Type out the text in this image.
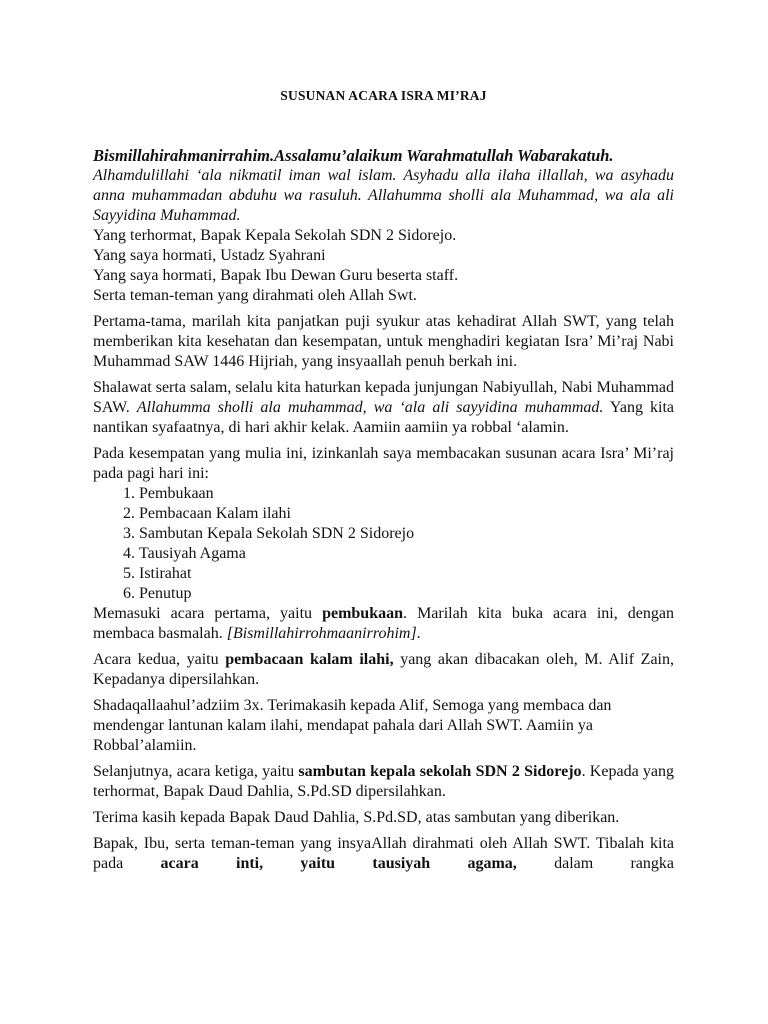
SUSUNAN ACARA ISRA MI’RAJ

Bismillahirahmanirrahim.Assalamu’alaikum Warahmatullah Wabarakatuh.

Alhamdulillahi ‘ala nikmatil iman wal islam. Asyhadu alla ilaha illallah, wa asyhadu anna muhammadan abduhu wa rasuluh. Allahumma sholli ala Muhammad, wa ala ali Sayyidina Muhammad.

Yang terhormat, Bapak Kepala Sekolah SDN 2 Sidorejo.

Yang saya hormati, Ustadz Syahrani

Yang saya hormati, Bapak Ibu Dewan Guru beserta staff.

Serta teman-teman yang dirahmati oleh Allah Swt.

Pertama-tama, marilah kita panjatkan puji syukur atas kehadirat Allah SWT, yang telah memberikan kita kesehatan dan kesempatan, untuk menghadiri kegiatan Isra’ Mi’raj Nabi Muhammad SAW 1446 Hijriah, yang insyaallah penuh berkah ini.

Shalawat serta salam, selalu kita haturkan kepada junjungan Nabiyullah, Nabi Muhammad SAW. Allahumma sholli ala muhammad, wa ‘ala ali sayyidina muhammad. Yang kita nantikan syafaatnya, di hari akhir kelak. Aamiin aamiin ya robbal ‘alamin.

Pada kesempatan yang mulia ini, izinkanlah saya membacakan susunan acara Isra’ Mi’raj pada pagi hari ini:

1. Pembukaan
2. Pembacaan Kalam ilahi
3. Sambutan Kepala Sekolah SDN 2 Sidorejo
4. Tausiyah Agama
5. Istirahat
6. Penutup

Memasuki acara pertama, yaitu pembukaan. Marilah kita buka acara ini, dengan membaca basmalah. [Bismillahirrohmaanirrohim].

Acara kedua, yaitu pembacaan kalam ilahi, yang akan dibacakan oleh, M. Alif Zain, Kepadanya dipersilahkan.

Shadaqallaahul’adziim 3x. Terimakasih kepada Alif, Semoga yang membaca dan mendengar lantunan kalam ilahi, mendapat pahala dari Allah SWT. Aamiin ya Robbal’alamiin.

Selanjutnya, acara ketiga, yaitu sambutan kepala sekolah SDN 2 Sidorejo. Kepada yang terhormat, Bapak Daud Dahlia, S.Pd.SD dipersilahkan.

Terima kasih kepada Bapak Daud Dahlia, S.Pd.SD, atas sambutan yang diberikan.

Bapak, Ibu, serta teman-teman yang insyaAllah dirahmati oleh Allah SWT. Tibalah kita pada acara inti, yaitu tausiyah agama, dalam rangka
